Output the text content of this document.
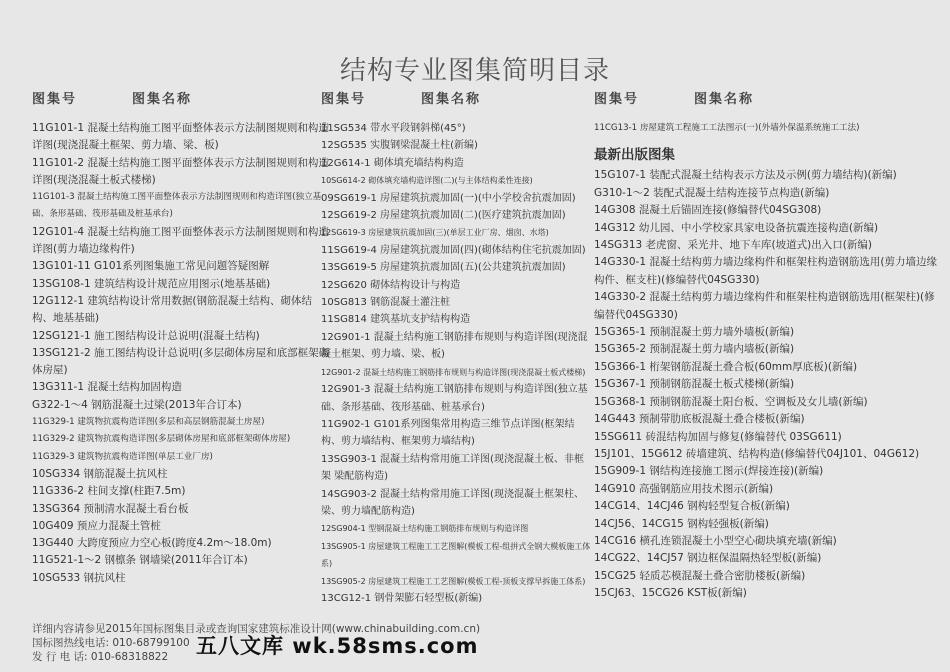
结构专业图集简明目录
图集号	图集名称
11G101-1 混凝土结构施工图平面整体表示方法制图规则和构造详图(现浇混凝土框架、剪力墙、梁、板)
11G101-2 混凝土结构施工图平面整体表示方法制图规则和构造详图(现浇混凝土板式楼梯)
11G101-3 混凝土结构施工图平面整体表示方法制图规则和构造详图(独立基础、条形基础、筏形基础及桩基承台)
12G101-4 混凝土结构施工图平面整体表示方法制图规则和构造详图(剪力墙边缘构件)
13G101-11 G101系列图集施工常见问题答疑图解
13SG108-1 建筑结构设计规范应用图示(地基基础)
12G112-1 建筑结构设计常用数据(钢筋混凝土结构、砌体结构、地基基础)
12SG121-1 施工图结构设计总说明(混凝土结构)
13SG121-2 施工图结构设计总说明(多层砌体房屋和底部框架砌体房屋)
13G311-1 混凝土结构加固构造
G322-1～4 钢筋混凝土过梁(2013年合订本)
11G329-1 建筑物抗震构造详图(多层和高层钢筋混凝土房屋)
11G329-2 建筑物抗震构造详图(多层砌体房屋和底部框架砌体房屋)
11G329-3 建筑物抗震构造详图(单层工业厂房)
10SG334 钢筋混凝土抗风柱
11G336-2 柱间支撑(柱距7.5m)
13SG364 预制清水混凝土看台板
10G409 预应力混凝土管桩
13G440 大跨度预应力空心板(跨度4.2m～18.0m)
11G521-1～2 钢檩条 钢墙梁(2011年合订本)
10SG533 钢抗风柱
图集号	图集名称
11SG534 带水平段钢斜梯(45°)
12SG535 实腹钢梁混凝土柱(新编)
12G614-1 砌体填充墙结构构造
10SG614-2 砌体填充墙构造详图(二)(与主体结构柔性连接)
09SG619-1 房屋建筑抗震加固(一)(中小学校舍抗震加固)
12SG619-2 房屋建筑抗震加固(二)(医疗建筑抗震加固)
12SG619-3 房屋建筑抗震加固(三)(单层工业厂房、烟囱、水塔)
11SG619-4 房屋建筑抗震加固(四)(砌体结构住宅抗震加固)
13SG619-5 房屋建筑抗震加固(五)(公共建筑抗震加固)
12SG620 砌体结构设计与构造
10SG813 钢筋混凝土灌注桩
11SG814 建筑基坑支护结构构造
12G901-1 混凝土结构施工钢筋排布规则与构造详图(现浇混凝土框架、剪力墙、梁、板)
12G901-2 混凝土结构施工钢筋排布规则与构造详图(现浇混凝土板式楼梯)
12G901-3 混凝土结构施工钢筋排布规则与构造详图(独立基础、条形基础、筏形基础、桩基承台)
11G902-1 G101系列图集常用构造三维节点详图(框架结构、剪力墙结构、框架剪力墙结构)
13SG903-1 混凝土结构常用施工详图(现浇混凝土板、非框架 梁配筋构造)
14SG903-2 混凝土结构常用施工详图(现浇混凝土框架柱、梁、剪力墙配筋构造)
12SG904-1 型钢混凝土结构施工钢筋排布规则与构造详图
13SG905-1 房屋建筑工程施工工艺图解(模板工程-组拼式全钢大模板施工体系)
13SG905-2 房屋建筑工程施工工艺图解(模板工程-顶板支撑早拆施工体系)
13CG12-1 钢骨架膨石轻型板(新编)
图集号	图集名称
11CG13-1 房屋建筑工程施工工法图示(一)(外墙外保温系统施工工法)
最新出版图集
15G107-1 装配式混凝土结构表示方法及示例(剪力墙结构)(新编)
G310-1～2 装配式混凝土结构连接节点构造(新编)
14G308 混凝土后锚固连接(修编替代04SG308)
14G312 幼儿园、中小学校家具家电设备抗震连接构造(新编)
14SG313 老虎窗、采光井、地下车库(坡道式)出入口(新编)
14G330-1 混凝土结构剪力墙边缘构件和框架柱构造钢筋选用(剪力墙边缘构件、框支柱)(修编替代04SG330)
14G330-2 混凝土结构剪力墙边缘构件和框架柱构造钢筋选用(框架柱)(修编替代04SG330)
15G365-1 预制混凝土剪力墙外墙板(新编)
15G365-2 预制混凝土剪力墙内墙板(新编)
15G366-1 桁架钢筋混凝土叠合板(60mm厚底板)(新编)
15G367-1 预制钢筋混凝土板式楼梯(新编)
15G368-1 预制钢筋混凝土阳台板、空调板及女儿墙(新编)
14G443 预制带肋底板混凝土叠合楼板(新编)
15SG611 砖混结构加固与修复(修编替代 03SG611)
15J101、15G612 砖墙建筑、结构构造(修编替代04J101、04G612)
15G909-1 钢结构连接施工图示(焊接连接)(新编)
14G910 高强钢筋应用技术图示(新编)
14CG14、14CJ46 钢构轻型复合板(新编)
14CJ56、14CG15 钢构轻强板(新编)
14CG16 横孔连锁混凝土小型空心砌块填充墙(新编)
14CG22、14CJ57 钢边框保温隔热轻型板(新编)
15CG25 轻质芯模混凝土叠合密肋楼板(新编)
15CJ63、15CG26 KST板(新编)
详细内容请参见2015年国标图集目录或查询国家建筑标准设计网(www.chinabuilding.com.cn)
国标图热线电话: 010-68799100
发 行 电 话: 010-68318822	五八文库 wk.58sms.com
